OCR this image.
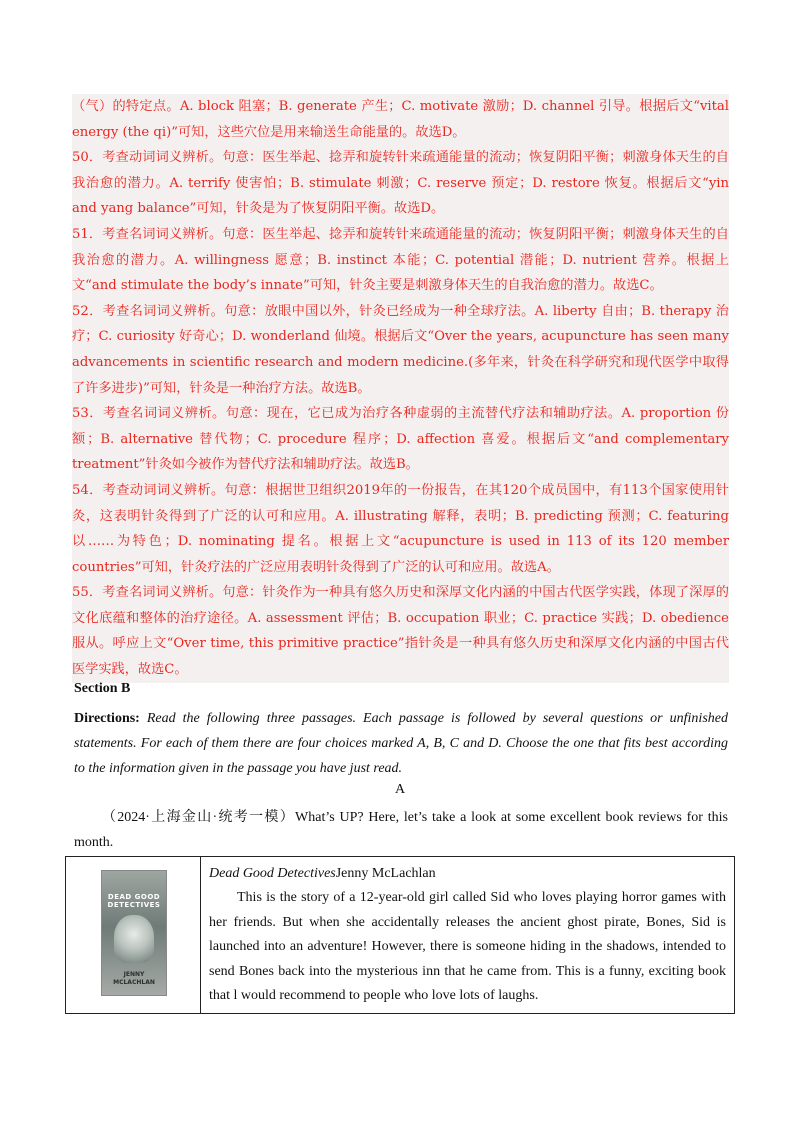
（气）的特定点。A. block 阻塞；B. generate 产生；C. motivate 激励；D. channel 引导。根据后文“vital energy (the qi)”可知，这些穴位是用来输送生命能量的。故选D。

50．考查动词词义辨析。句意：医生举起、捻弄和旋转针来疏通能量的流动；恢复阴阳平衡；刺激身体天生的自我治愈的潜力。A. terrify 使害怕；B. stimulate 刺激；C. reserve 预定；D. restore 恢复。根据后文“yin and yang balance”可知，针灸是为了恢复阴阳平衡。故选D。

51．考查名词词义辨析。句意：医生举起、捻弄和旋转针来疏通能量的流动；恢复阴阳平衡；刺激身体天生的自我治愈的潜力。A. willingness 愿意；B. instinct 本能；C. potential 潜能；D. nutrient 营养。根据上文“and stimulate the body’s innate”可知，针灸主要是刺激身体天生的自我治愈的潜力。故选C。

52．考查名词词义辨析。句意：放眼中国以外，针灸已经成为一种全球疗法。A. liberty 自由；B. therapy 治疗；C. curiosity 好奇心；D. wonderland 仙境。根据后文“Over the years, acupuncture has seen many advancements in scientific research and modern medicine.(多年来，针灸在科学研究和现代医学中取得了许多进步)”可知，针灸是一种治疗方法。故选B。

53．考查名词词义辨析。句意：现在，它已成为治疗各种虚弱的主流替代疗法和辅助疗法。A. proportion 份额；B. alternative 替代物；C. procedure 程序；D. affection 喜爱。根据后文“and complementary treatment”针灸如今被作为替代疗法和辅助疗法。故选B。

54．考查动词词义辨析。句意：根据世卫组织2019年的一份报告，在其120个成员国中，有113个国家使用针灸，这表明针灸得到了广泛的认可和应用。A. illustrating 解释，表明；B. predicting 预测；C. featuring 以……为特色；D. nominating 提名。根据上文“acupuncture is used in 113 of its 120 member countries”可知，针灸疗法的广泛应用表明针灸得到了广泛的认可和应用。故选A。

55．考查名词词义辨析。句意：针灸作为一种具有悠久历史和深厚文化内涵的中国古代医学实践，体现了深厚的文化底蕴和整体的治疗途径。A. assessment 评估；B. occupation 职业；C. practice 实践；D. obedience 服从。呼应上文“Over time, this primitive practice”指针灸是一种具有悠久历史和深厚文化内涵的中国古代医学实践，故选C。

Section B
Directions: Read the following three passages. Each passage is followed by several questions or unfinished statements. For each of them there are four choices marked A, B, C and D. Choose the one that fits best according to the information given in the passage you have just read.
A
（2024·上海金山·统考一模）What’s UP? Here, let’s take a look at some excellent book reviews for this month.
DEAD GOOD DETECTIVES
JENNY MCLACHLAN
Dead Good DetectivesJenny McLachlan
This is the story of a 12-year-old girl called Sid who loves playing horror games with her friends. But when she accidentally releases the ancient ghost pirate, Bones, Sid is launched into an adventure! However, there is someone hiding in the shadows, intended to send Bones back into the mysterious inn that he came from. This is a funny, exciting book that l would recommend to people who love lots of laughs.
